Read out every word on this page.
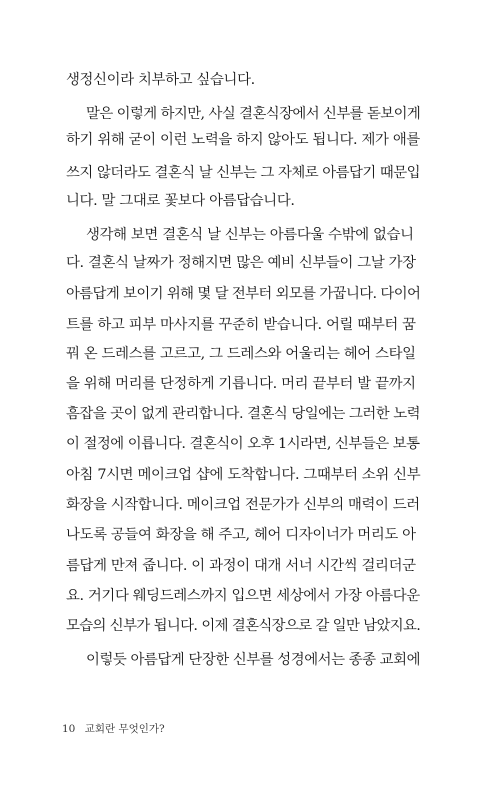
생정신이라 치부하고 싶습니다.
말은 이렇게 하지만, 사실 결혼식장에서 신부를 돋보이게
하기 위해 굳이 이런 노력을 하지 않아도 됩니다. 제가 애를
쓰지 않더라도 결혼식 날 신부는 그 자체로 아름답기 때문입
니다. 말 그대로 꽃보다 아름답습니다.
생각해 보면 결혼식 날 신부는 아름다울 수밖에 없습니
다. 결혼식 날짜가 정해지면 많은 예비 신부들이 그날 가장
아름답게 보이기 위해 몇 달 전부터 외모를 가꿉니다. 다이어
트를 하고 피부 마사지를 꾸준히 받습니다. 어릴 때부터 꿈
꿔 온 드레스를 고르고, 그 드레스와 어울리는 헤어 스타일
을 위해 머리를 단정하게 기릅니다. 머리 끝부터 발 끝까지
흠잡을 곳이 없게 관리합니다. 결혼식 당일에는 그러한 노력
이 절정에 이릅니다. 결혼식이 오후 1시라면, 신부들은 보통
아침 7시면 메이크업 샵에 도착합니다. 그때부터 소위 신부
화장을 시작합니다. 메이크업 전문가가 신부의 매력이 드러
나도록 공들여 화장을 해 주고, 헤어 디자이너가 머리도 아
름답게 만져 줍니다. 이 과정이 대개 서너 시간씩 걸리더군
요. 거기다 웨딩드레스까지 입으면 세상에서 가장 아름다운
모습의 신부가 됩니다. 이제 결혼식장으로 갈 일만 남았지요.
이렇듯 아름답게 단장한 신부를 성경에서는 종종 교회에
10 교회란 무엇인가?
